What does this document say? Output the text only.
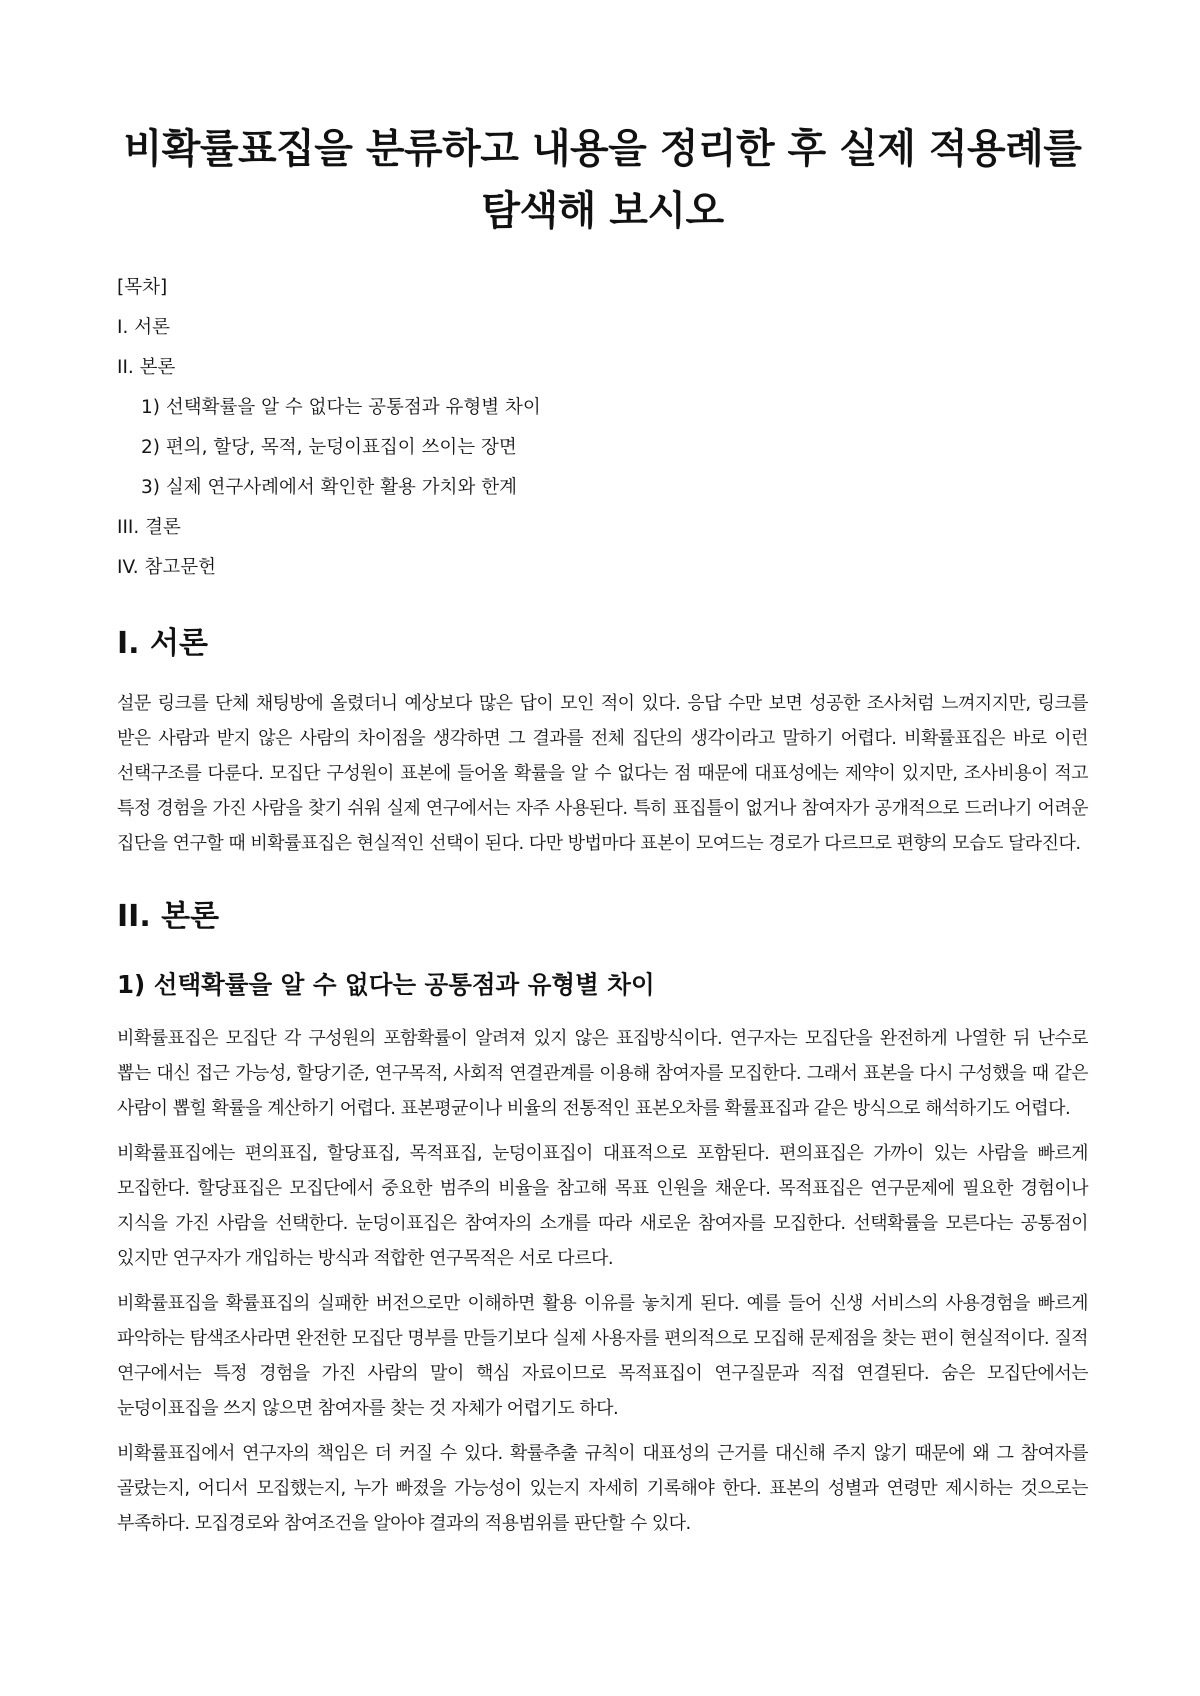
비확률표집을 분류하고 내용을 정리한 후 실제 적용례를 탐색해 보시오
[목차]
I. 서론
II. 본론
1) 선택확률을 알 수 없다는 공통점과 유형별 차이
2) 편의, 할당, 목적, 눈덩이표집이 쓰이는 장면
3) 실제 연구사례에서 확인한 활용 가치와 한계
III. 결론
IV. 참고문헌
I. 서론

설문 링크를 단체 채팅방에 올렸더니 예상보다 많은 답이 모인 적이 있다. 응답 수만 보면 성공한 조사처럼 느껴지지만, 링크를 받은 사람과 받지 않은 사람의 차이점을 생각하면 그 결과를 전체 집단의 생각이라고 말하기 어렵다. 비확률표집은 바로 이런 선택구조를 다룬다. 모집단 구성원이 표본에 들어올 확률을 알 수 없다는 점 때문에 대표성에는 제약이 있지만, 조사비용이 적고 특정 경험을 가진 사람을 찾기 쉬워 실제 연구에서는 자주 사용된다. 특히 표집틀이 없거나 참여자가 공개적으로 드러나기 어려운 집단을 연구할 때 비확률표집은 현실적인 선택이 된다. 다만 방법마다 표본이 모여드는 경로가 다르므로 편향의 모습도 달라진다.

II. 본론
1) 선택확률을 알 수 없다는 공통점과 유형별 차이

비확률표집은 모집단 각 구성원의 포함확률이 알려져 있지 않은 표집방식이다. 연구자는 모집단을 완전하게 나열한 뒤 난수로 뽑는 대신 접근 가능성, 할당기준, 연구목적, 사회적 연결관계를 이용해 참여자를 모집한다. 그래서 표본을 다시 구성했을 때 같은 사람이 뽑힐 확률을 계산하기 어렵다. 표본평균이나 비율의 전통적인 표본오차를 확률표집과 같은 방식으로 해석하기도 어렵다.

비확률표집에는 편의표집, 할당표집, 목적표집, 눈덩이표집이 대표적으로 포함된다. 편의표집은 가까이 있는 사람을 빠르게 모집한다. 할당표집은 모집단에서 중요한 범주의 비율을 참고해 목표 인원을 채운다. 목적표집은 연구문제에 필요한 경험이나 지식을 가진 사람을 선택한다. 눈덩이표집은 참여자의 소개를 따라 새로운 참여자를 모집한다. 선택확률을 모른다는 공통점이 있지만 연구자가 개입하는 방식과 적합한 연구목적은 서로 다르다.

비확률표집을 확률표집의 실패한 버전으로만 이해하면 활용 이유를 놓치게 된다. 예를 들어 신생 서비스의 사용경험을 빠르게 파악하는 탐색조사라면 완전한 모집단 명부를 만들기보다 실제 사용자를 편의적으로 모집해 문제점을 찾는 편이 현실적이다. 질적 연구에서는 특정 경험을 가진 사람의 말이 핵심 자료이므로 목적표집이 연구질문과 직접 연결된다. 숨은 모집단에서는 눈덩이표집을 쓰지 않으면 참여자를 찾는 것 자체가 어렵기도 하다.

비확률표집에서 연구자의 책임은 더 커질 수 있다. 확률추출 규칙이 대표성의 근거를 대신해 주지 않기 때문에 왜 그 참여자를 골랐는지, 어디서 모집했는지, 누가 빠졌을 가능성이 있는지 자세히 기록해야 한다. 표본의 성별과 연령만 제시하는 것으로는 부족하다. 모집경로와 참여조건을 알아야 결과의 적용범위를 판단할 수 있다.
